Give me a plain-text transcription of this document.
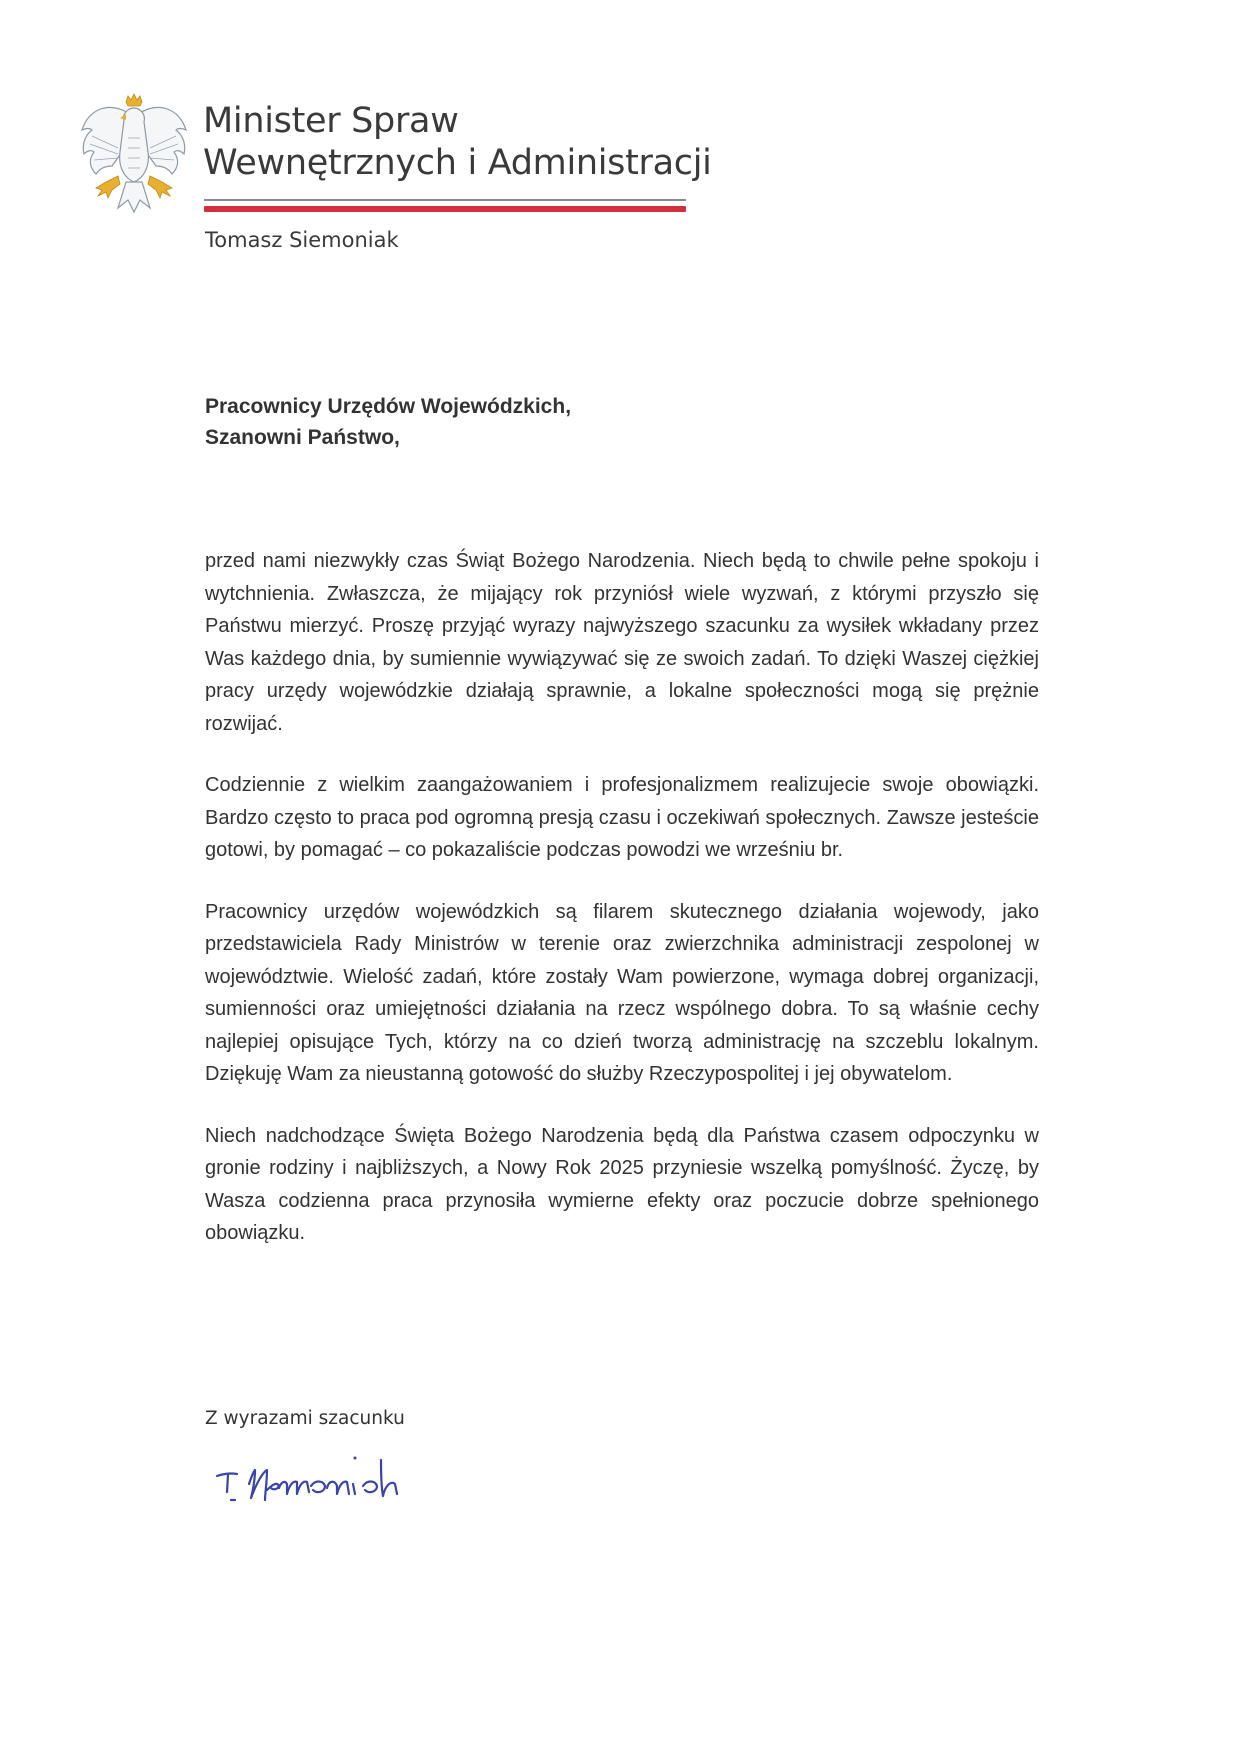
Minister Spraw
Wewnętrznych i Administracji
Tomasz Siemoniak
Pracownicy Urzędów Wojewódzkich,
Szanowni Państwo,

przed nami niezwykły czas Świąt Bożego Narodzenia. Niech będą to chwile pełne spokoju i wytchnienia. Zwłaszcza, że mijający rok przyniósł wiele wyzwań, z którymi przyszło się Państwu mierzyć. Proszę przyjąć wyrazy najwyższego szacunku za wysiłek wkładany przez Was każdego dnia, by sumiennie wywiązywać się ze swoich zadań. To dzięki Waszej ciężkiej pracy urzędy wojewódzkie działają sprawnie, a lokalne społeczności mogą się prężnie rozwijać.

Codziennie z wielkim zaangażowaniem i profesjonalizmem realizujecie swoje obowiązki. Bardzo często to praca pod ogromną presją czasu i oczekiwań społecznych. Zawsze jesteście gotowi, by pomagać – co pokazaliście podczas powodzi we wrześniu br.

Pracownicy urzędów wojewódzkich są filarem skutecznego działania wojewody, jako przedstawiciela Rady Ministrów w terenie oraz zwierzchnika administracji zespolonej w województwie. Wielość zadań, które zostały Wam powierzone, wymaga dobrej organizacji, sumienności oraz umiejętności działania na rzecz wspólnego dobra. To są właśnie cechy najlepiej opisujące Tych, którzy na co dzień tworzą administrację na szczeblu lokalnym. Dziękuję Wam za nieustanną gotowość do służby Rzeczypospolitej i jej obywatelom.

Niech nadchodzące Święta Bożego Narodzenia będą dla Państwa czasem odpoczynku w gronie rodziny i najbliższych, a Nowy Rok 2025 przyniesie wszelką pomyślność. Życzę, by Wasza codzienna praca przynosiła wymierne efekty oraz poczucie dobrze spełnionego obowiązku.

Z wyrazami szacunku
